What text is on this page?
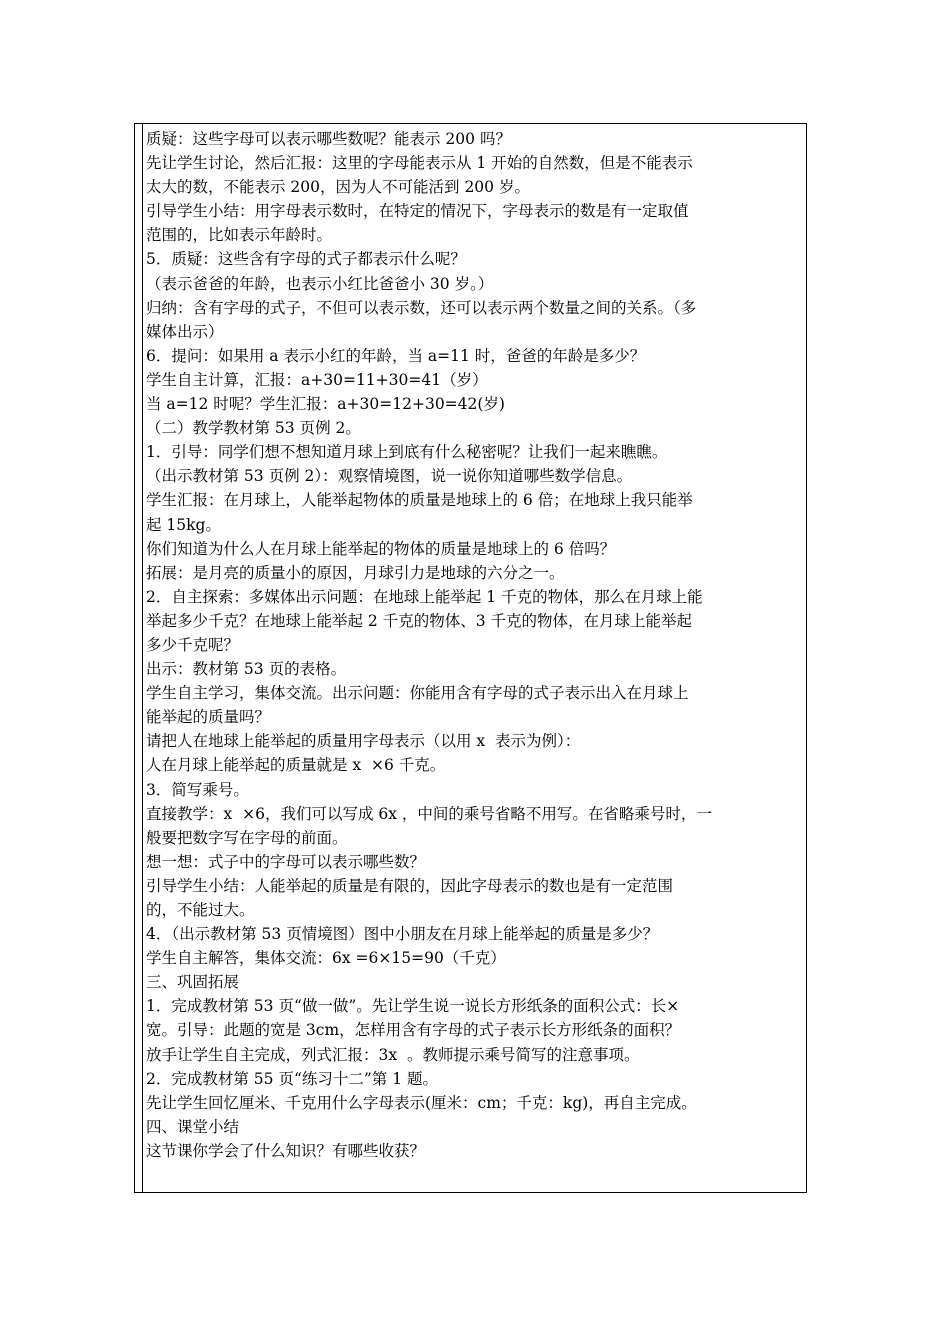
质疑：这些字母可以表示哪些数呢？能表示 200 吗？

先让学生讨论，然后汇报：这里的字母能表示从 1 开始的自然数，但是不能表示

太大的数，不能表示 200，因为人不可能活到 200 岁。

引导学生小结：用字母表示数时，在特定的情况下，字母表示的数是有一定取值

范围的，比如表示年龄时。

5．质疑：这些含有字母的式子都表示什么呢？

（表示爸爸的年龄，也表示小红比爸爸小 30 岁。）

归纳：含有字母的式子，不但可以表示数，还可以表示两个数量之间的关系。（多

媒体出示）

6．提问：如果用 a 表示小红的年龄，当 a=11 时，爸爸的年龄是多少？

学生自主计算，汇报：a+30=11+30=41（岁）

当 a=12 时呢？学生汇报：a+30=12+30=42(岁)

（二）教学教材第 53 页例 2。

1．引导：同学们想不想知道月球上到底有什么秘密呢？让我们一起来瞧瞧。

（出示教材第 53 页例 2）：观察情境图，说一说你知道哪些数学信息。

学生汇报：在月球上，人能举起物体的质量是地球上的 6 倍；在地球上我只能举

起 15kg。

你们知道为什么人在月球上能举起的物体的质量是地球上的 6 倍吗？

拓展：是月亮的质量小的原因，月球引力是地球的六分之一。

2．自主探索：多媒体出示问题：在地球上能举起 1 千克的物体，那么在月球上能

举起多少千克？在地球上能举起 2 千克的物体、3 千克的物体，在月球上能举起

多少千克呢？

出示：教材第 53 页的表格。

学生自主学习，集体交流。出示问题：你能用含有字母的式子表示出入在月球上

能举起的质量吗？

请把人在地球上能举起的质量用字母表示（以用 x  表示为例）：

人在月球上能举起的质量就是 x  ×6 千克。

3．简写乘号。

直接教学：x  ×6，我们可以写成 6x ，中间的乘号省略不用写。在省略乘号时，一

般要把数字写在字母的前面。

想一想：式子中的字母可以表示哪些数？

引导学生小结：人能举起的质量是有限的，因此字母表示的数也是有一定范围

的，不能过大。

4．（出示教材第 53 页情境图）图中小朋友在月球上能举起的质量是多少？

学生自主解答，集体交流：6x =6×15=90（千克）

三、巩固拓展

1．完成教材第 53 页“做一做”。先让学生说一说长方形纸条的面积公式：长×

宽。引导：此题的宽是 3cm，怎样用含有字母的式子表示长方形纸条的面积？

放手让学生自主完成，列式汇报：3x  。教师提示乘号简写的注意事项。

2．完成教材第 55 页“练习十二”第 1 题。

先让学生回忆厘米、千克用什么字母表示(厘米：cm；千克：kg)，再自主完成。

四、课堂小结

这节课你学会了什么知识？有哪些收获？
